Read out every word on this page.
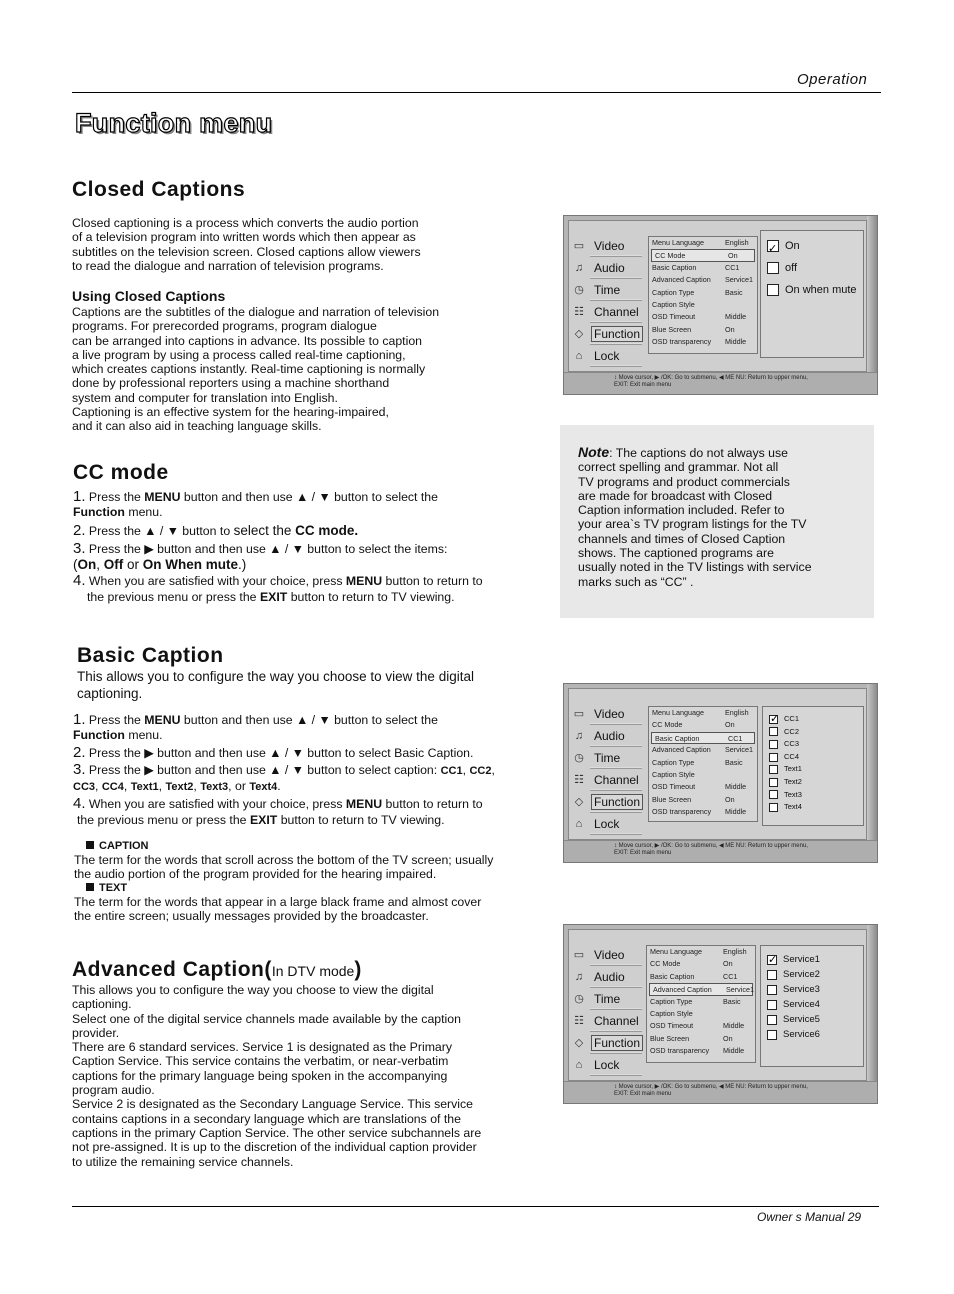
Operation
Function menu
Closed Captions
Closed captioning is a process which converts the audio portion
of a television program into written words which then appear as
subtitles on the television screen. Closed captions allow viewers
to read the dialogue and narration of television programs.
Using Closed Captions
Captions are the subtitles of the dialogue and narration of television
programs. For prerecorded programs, program dialogue
can be arranged into captions in advance. Its possible to caption
a live program by using a process called real-time captioning,
which creates captions instantly. Real-time captioning is normally
done by professional reporters using a machine shorthand
system and computer for translation into English.
Captioning is an effective system for the hearing-impaired,
and it can also aid in teaching language skills.
▭ Video
♫ Audio
◷ Time
☷ Channel
◇ Function
⌂ Lock
Menu Language	English
CC Mode	On
Basic Caption	CC1
Advanced Caption Service1
Caption Type	Basic
Caption Style
OSD Timeout	Middle
Blue Screen	On
OSD transparency Middle
✓
On
off
On when mute
↕ Move cursor, ▶ /OK: Go to submenu, ◀ ME NU: Return to upper menu,
EXIT: Exit main menu
Note: The captions do not always use
correct spelling and grammar. Not all
TV programs and product commercials
are made for broadcast with Closed
Caption information included. Refer to
your area`s TV program listings for the TV
channels and times of Closed Caption
shows. The captioned programs are
usually noted in the TV listings with service
marks such as “CC” .
CC mode
1. Press the MENU button and then use ▲ / ▼ button to select the
Function menu.
2. Press the ▲ / ▼ button to select the CC mode.
3. Press the ▶ button and then use ▲ / ▼ button to select the items:
(On, Off or On When mute.)
4. When you are satisfied with your choice, press MENU button to return to
the previous menu or press the EXIT button to return to TV viewing.
Basic Caption
This allows you to configure the way you choose to view the digital
captioning.
1. Press the MENU button and then use ▲ / ▼ button to select the
Function menu.
2. Press the ▶ button and then use ▲ / ▼ button to select Basic Caption.
3. Press the ▶ button and then use ▲ / ▼ button to select caption: CC1, CC2,
CC3, CC4, Text1, Text2, Text3, or Text4.
4. When you are satisfied with your choice, press MENU button to return to
the previous menu or press the EXIT button to return to TV viewing.
CAPTION
The term for the words that scroll across the bottom of the TV screen; usually
the audio portion of the program provided for the hearing impaired.
TEXT
The term for the words that appear in a large black frame and almost cover
the entire screen; usually messages provided by the broadcaster.
▭ Video
♫ Audio
◷ Time
☷ Channel
◇ Function
⌂ Lock
Menu Language	English
CC Mode	On
Basic Caption	CC1
Advanced Caption Service1
Caption Type	Basic
Caption Style
OSD Timeout	Middle
Blue Screen	On
OSD transparency Middle
✓
CC1
CC2
CC3
CC4
Text1
Text2
Text3
Text4
↕ Move cursor, ▶ /OK: Go to submenu, ◀ ME NU: Return to upper menu,
EXIT: Exit main menu
Advanced Caption(In DTV mode)
This allows you to configure the way you choose to view the digital
captioning.
Select one of the digital service channels made available by the caption
provider.
There are 6 standard services. Service 1 is designated as the Primary
Caption Service. This service contains the verbatim, or near-verbatim
captions for the primary language being spoken in the accompanying
program audio.
Service 2 is designated as the Secondary Language Service. This service
contains captions in a secondary language which are translations of the
captions in the primary Caption Service. The other service subchannels are
not pre-assigned. It is up to the discretion of the individual caption provider
to utilize the remaining service channels.
▭ Video
♫ Audio
◷ Time
☷ Channel
◇ Function
⌂ Lock
Menu Language	English
CC Mode	On
Basic Caption	CC1
Advanced Caption Service1
Caption Type	Basic
Caption Style
OSD Timeout	Middle
Blue Screen	On
OSD transparency Middle
✓
Service1
Service2
Service3
Service4
Service5
Service6
↕ Move cursor, ▶ /OK: Go to submenu, ◀ ME NU: Return to upper menu,
EXIT: Exit main menu
Owner s Manual 29
